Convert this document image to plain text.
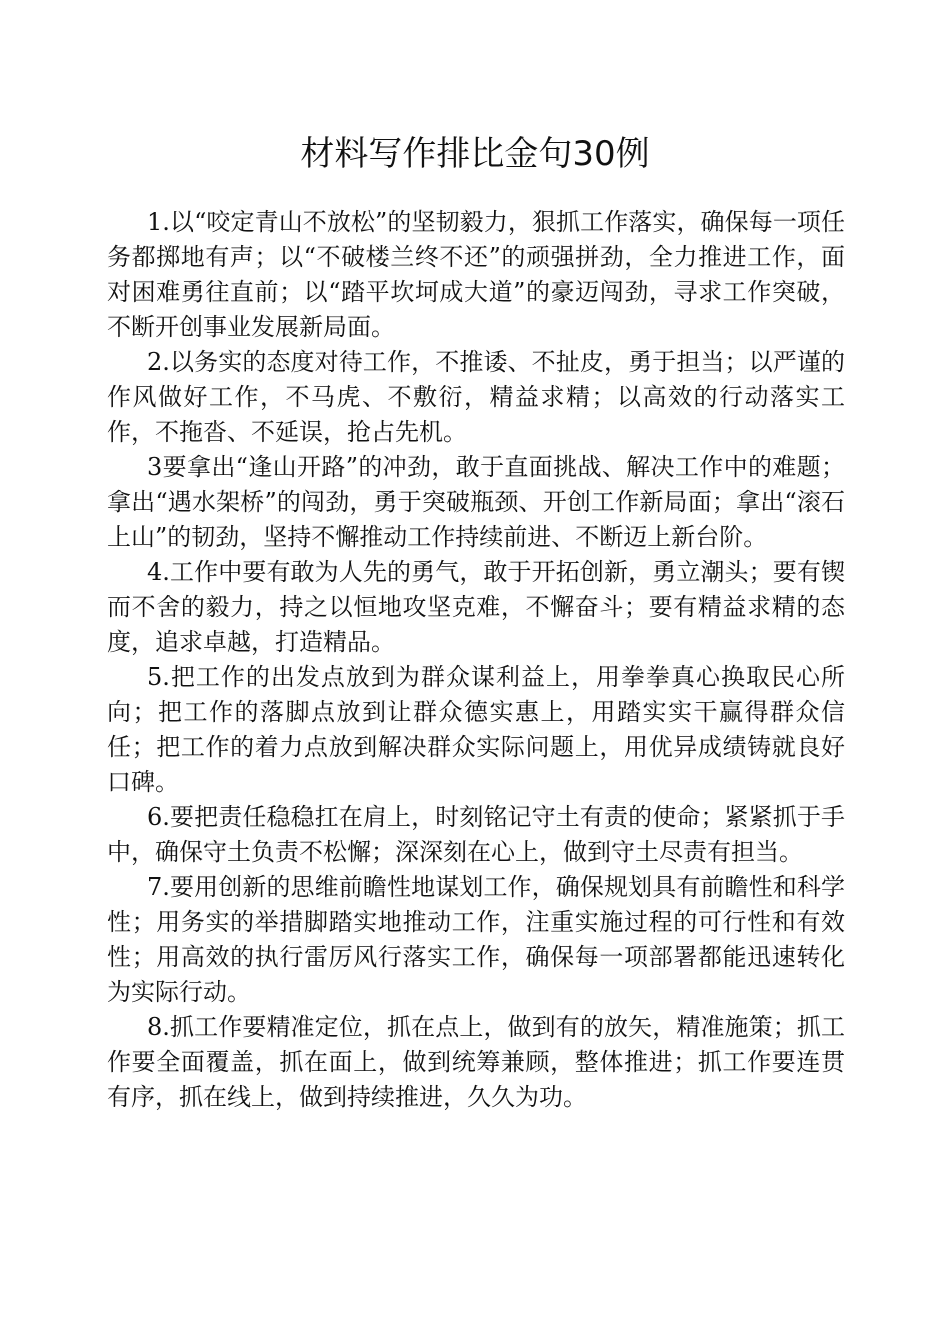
材料写作排比金句30例

1.以“咬定青山不放松”的坚韧毅力，狠抓工作落实，确保每一项任务都掷地有声；以“不破楼兰终不还”的顽强拼劲，全力推进工作，面对困难勇往直前；以“踏平坎坷成大道”的豪迈闯劲，寻求工作突破，不断开创事业发展新局面。

2.以务实的态度对待工作，不推诿、不扯皮，勇于担当；以严谨的作风做好工作，不马虎、不敷衍，精益求精；以高效的行动落实工作，不拖沓、不延误，抢占先机。

3要拿出“逢山开路”的冲劲，敢于直面挑战、解决工作中的难题；拿出“遇水架桥”的闯劲，勇于突破瓶颈、开创工作新局面；拿出“滚石上山”的韧劲，坚持不懈推动工作持续前进、不断迈上新台阶。

4.工作中要有敢为人先的勇气，敢于开拓创新，勇立潮头；要有锲而不舍的毅力，持之以恒地攻坚克难，不懈奋斗；要有精益求精的态度，追求卓越，打造精品。

5.把工作的出发点放到为群众谋利益上，用拳拳真心换取民心所向；把工作的落脚点放到让群众德实惠上，用踏实实干赢得群众信任；把工作的着力点放到解决群众实际问题上，用优异成绩铸就良好口碑。

6.要把责任稳稳扛在肩上，时刻铭记守土有责的使命；紧紧抓于手中，确保守土负责不松懈；深深刻在心上，做到守土尽责有担当。

7.要用创新的思维前瞻性地谋划工作，确保规划具有前瞻性和科学性；用务实的举措脚踏实地推动工作，注重实施过程的可行性和有效性；用高效的执行雷厉风行落实工作，确保每一项部署都能迅速转化为实际行动。

8.抓工作要精准定位，抓在点上，做到有的放矢，精准施策；抓工作要全面覆盖，抓在面上，做到统筹兼顾，整体推进；抓工作要连贯有序，抓在线上，做到持续推进，久久为功。
